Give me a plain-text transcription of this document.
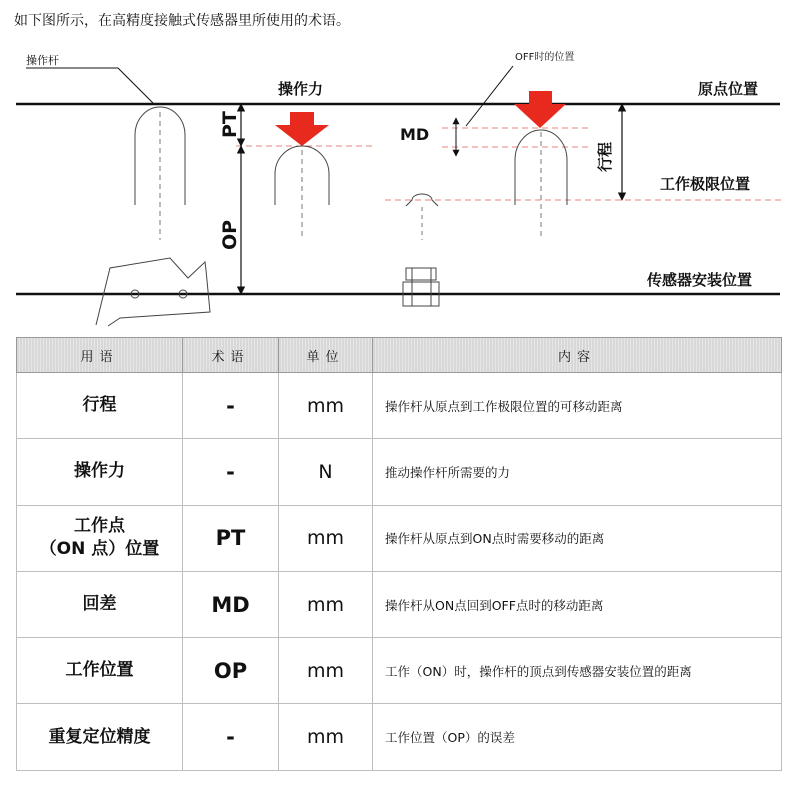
如下图所示，在高精度接触式传感器里所使用的术语。
操作杆
PT
OP
操作力
MD
OFF时的位置
行程
原点位置
工作极限位置
传感器安装位置
用语	术语	单位	内容

行程	-	mm	操作杆从原点到工作极限位置的可移动距离

操作力	-	N	推动操作杆所需要的力

工作点
（ON 点）位置	PT	mm	操作杆从原点到ON点时需要移动的距离

回差	MD	mm	操作杆从ON点回到OFF点时的移动距离

工作位置	OP	mm	工作（ON）时，操作杆的顶点到传感器安装位置的距离

重复定位精度	-	mm	工作位置（OP）的误差
